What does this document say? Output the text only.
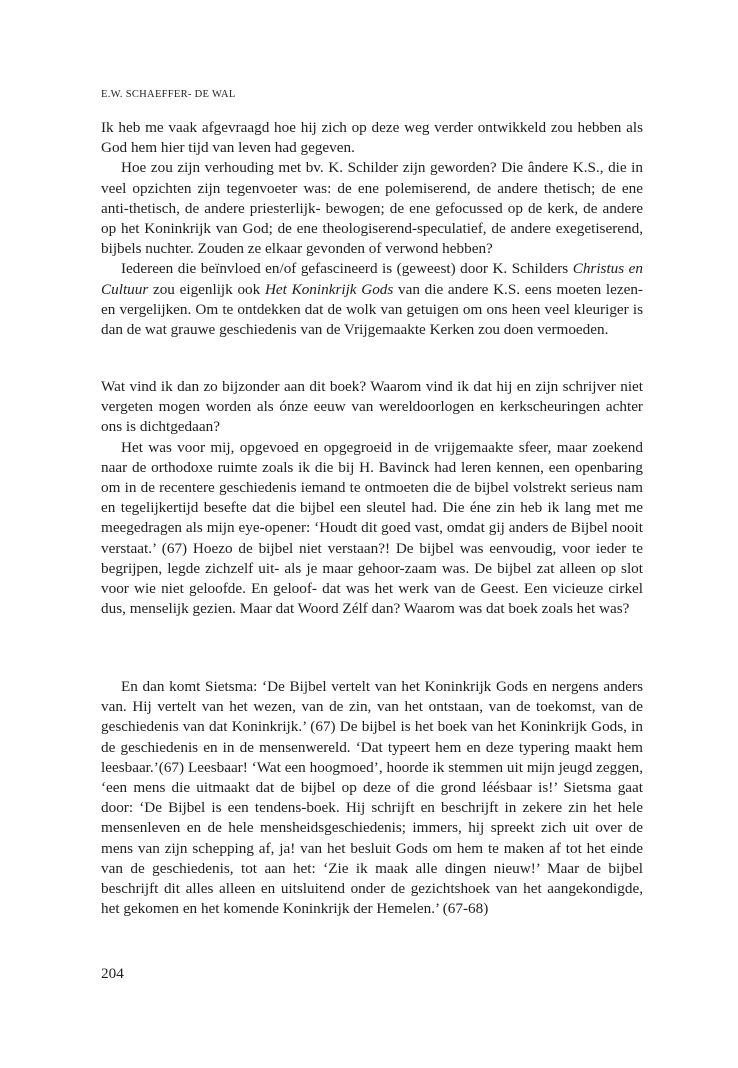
E.W. SCHAEFFER- DE WAL

Ik heb me vaak afgevraagd hoe hij zich op deze weg verder ontwikkeld zou hebben als God hem hier tijd van leven had gegeven.

Hoe zou zijn verhouding met bv. K. Schilder zijn geworden? Die ândere K.S., die in veel opzichten zijn tegenvoeter was: de ene polemiserend, de andere thetisch; de ene anti-thetisch, de andere priesterlijk- bewogen; de ene gefocussed op de kerk, de andere op het Koninkrijk van God; de ene theologiserend-speculatief, de andere exegetiserend, bijbels nuchter. Zouden ze elkaar gevonden of verwond hebben?

Iedereen die beïnvloed en/of gefascineerd is (geweest) door K. Schilders Christus en Cultuur zou eigenlijk ook Het Koninkrijk Gods van die andere K.S. eens moeten lezen- en vergelijken. Om te ontdekken dat de wolk van getuigen om ons heen veel kleuriger is dan de wat grauwe geschiedenis van de Vrijgemaakte Kerken zou doen vermoeden.

Wat vind ik dan zo bijzonder aan dit boek? Waarom vind ik dat hij en zijn schrijver niet vergeten mogen worden als ónze eeuw van wereldoorlogen en kerkscheuringen achter ons is dichtgedaan?

Het was voor mij, opgevoed en opgegroeid in de vrijgemaakte sfeer, maar zoekend naar de orthodoxe ruimte zoals ik die bij H. Bavinck had leren kennen, een openbaring om in de recentere geschiedenis iemand te ontmoeten die de bijbel volstrekt serieus nam en tegelijkertijd besefte dat die bijbel een sleutel had. Die éne zin heb ik lang met me meegedragen als mijn eye-opener: ‘Houdt dit goed vast, omdat gij anders de Bijbel nooit verstaat.’ (67) Hoezo de bijbel niet verstaan?! De bijbel was eenvoudig, voor ieder te begrijpen, legde zichzelf uit- als je maar gehoor-zaam was. De bijbel zat alleen op slot voor wie niet geloofde. En geloof- dat was het werk van de Geest. Een vicieuze cirkel dus, menselijk gezien. Maar dat Woord Zélf dan? Waarom was dat boek zoals het was?

En dan komt Sietsma: ‘De Bijbel vertelt van het Koninkrijk Gods en nergens anders van. Hij vertelt van het wezen, van de zin, van het ontstaan, van de toekomst, van de geschiedenis van dat Koninkrijk.’ (67) De bijbel is het boek van het Koninkrijk Gods, in de geschiedenis en in de mensenwereld. ‘Dat typeert hem en deze typering maakt hem leesbaar.’(67) Leesbaar! ‘Wat een hoogmoed’, hoorde ik stemmen uit mijn jeugd zeggen, ‘een mens die uitmaakt dat de bijbel op deze of die grond léésbaar is!’ Sietsma gaat door: ‘De Bijbel is een tendens-boek. Hij schrijft en beschrijft in zekere zin het hele mensenleven en de hele mensheidsgeschiedenis; immers, hij spreekt zich uit over de mens van zijn schepping af, ja! van het besluit Gods om hem te maken af tot het einde van de geschiedenis, tot aan het: ‘Zie ik maak alle dingen nieuw!’ Maar de bijbel beschrijft dit alles alleen en uitsluitend onder de gezichtshoek van het aangekondigde, het gekomen en het komende Koninkrijk der Hemelen.’ (67-68)

204
